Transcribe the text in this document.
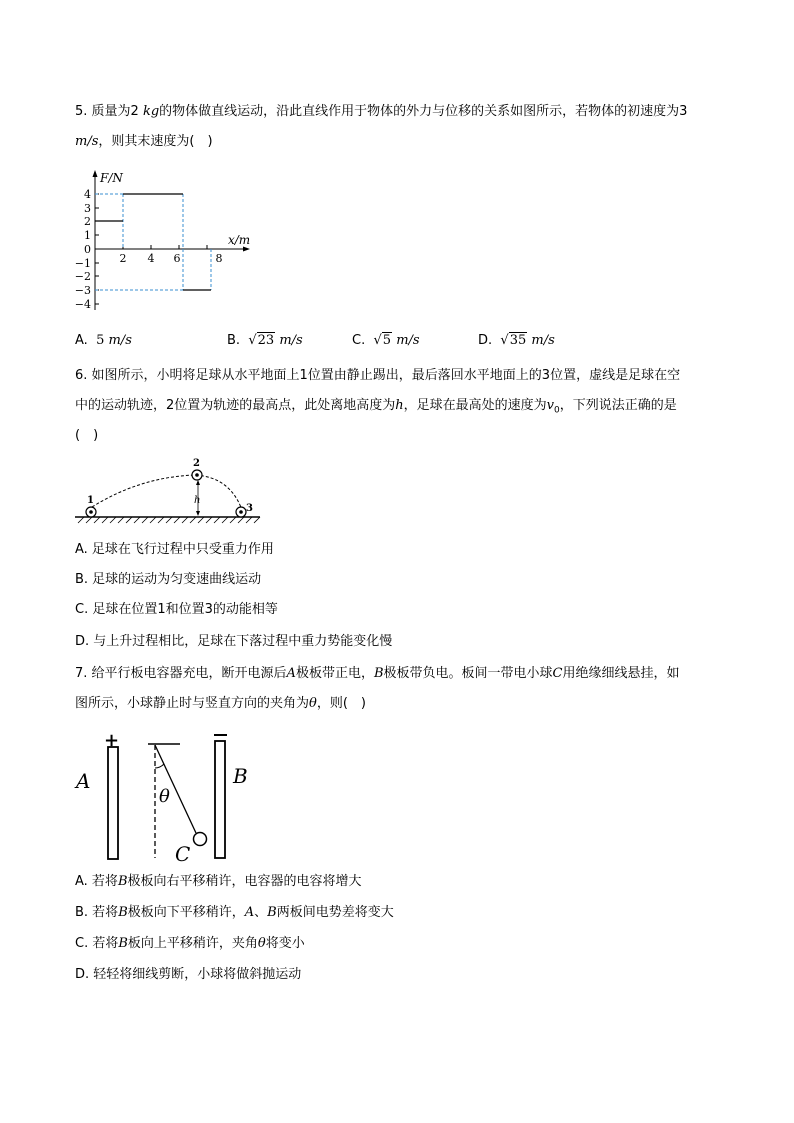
5. 质量为2 kg的物体做直线运动，沿此直线作用于物体的外力与位移的关系如图所示，若物体的初速度为3
m/s，则其末速度为(　)
4
3
2
1
0
−1
−2
−3
−4
2 4 6	8
F/N
x/m
A. 5 m/s	B. √23 m/s	C. √5 m/s	D. √35 m/s
6. 如图所示，小明将足球从水平地面上1位置由静止踢出，最后落回水平地面上的3位置，虚线是足球在空
中的运动轨迹，2位置为轨迹的最高点，此处离地高度为h，足球在最高处的速度为$v_0$，下列说法正确的是
(　)
1
2
3
h
A. 足球在飞行过程中只受重力作用
B. 足球的运动为匀变速曲线运动
C. 足球在位置1和位置3的动能相等
D. 与上升过程相比，足球在下落过程中重力势能变化慢
7. 给平行板电容器充电，断开电源后A极板带正电，B极板带负电。板间一带电小球C用绝缘细线悬挂，如
图所示，小球静止时与竖直方向的夹角为θ，则(　)
+
A	B
C
θ
A. 若将B极板向右平移稍许，电容器的电容将增大
B. 若将B极板向下平移稍许，A、B两板间电势差将变大
C. 若将B板向上平移稍许，夹角θ将变小
D. 轻轻将细线剪断，小球将做斜抛运动
